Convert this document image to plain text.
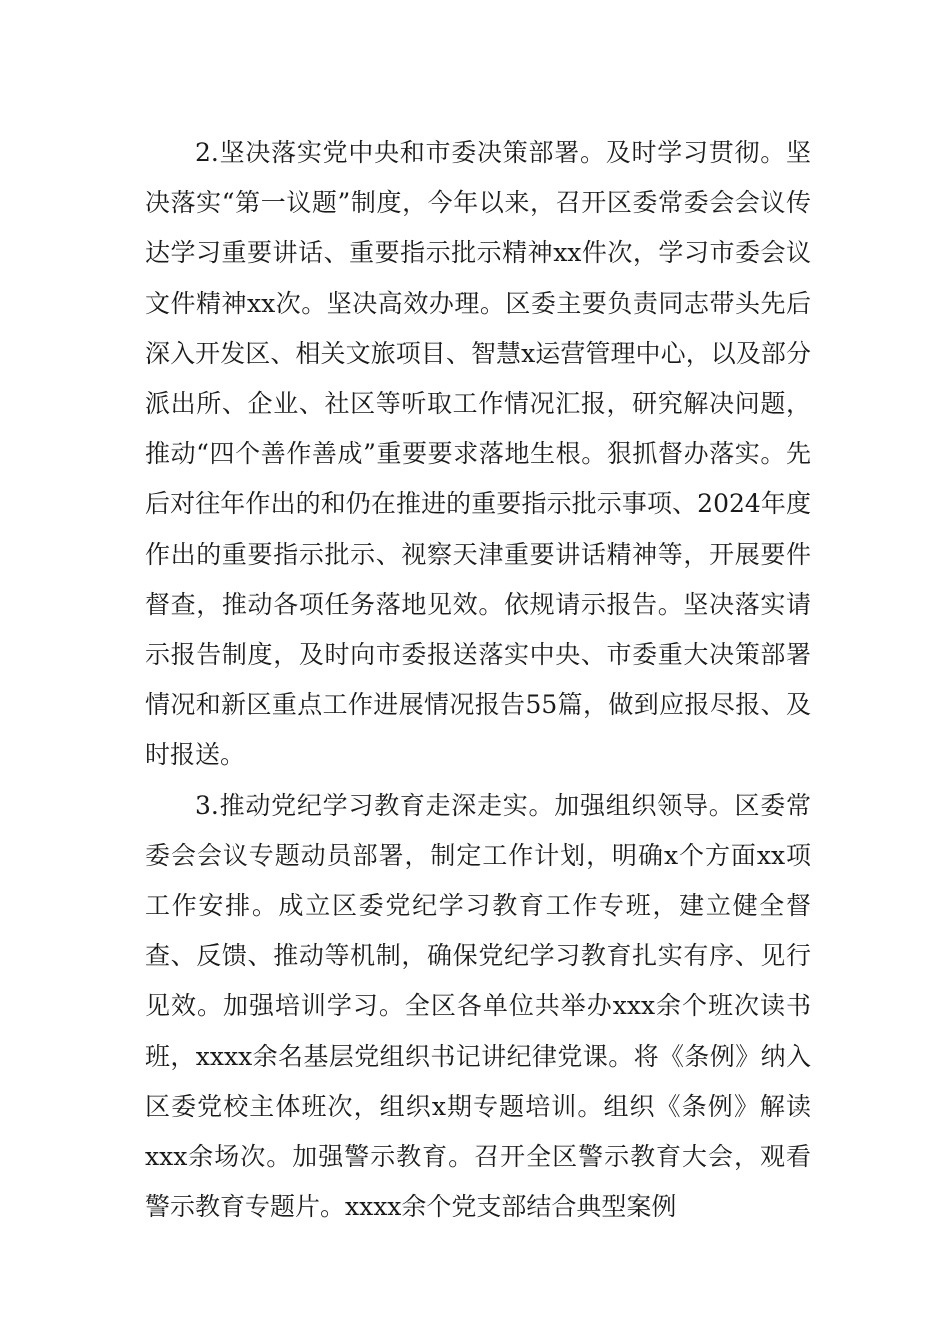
2.坚决落实党中央和市委决策部署。及时学习贯彻。坚决落实“第一议题”制度，今年以来，召开区委常委会会议传达学习重要讲话、重要指示批示精神xx件次，学习市委会议文件精神xx次。坚决高效办理。区委主要负责同志带头先后深入开发区、相关文旅项目、智慧x运营管理中心，以及部分派出所、企业、社区等听取工作情况汇报，研究解决问题，推动“四个善作善成”重要要求落地生根。狠抓督办落实。先后对往年作出的和仍在推进的重要指示批示事项、2024年度作出的重要指示批示、视察天津重要讲话精神等，开展要件督查，推动各项任务落地见效。依规请示报告。坚决落实请示报告制度，及时向市委报送落实中央、市委重大决策部署情况和新区重点工作进展情况报告55篇，做到应报尽报、及时报送。

3.推动党纪学习教育走深走实。加强组织领导。区委常委会会议专题动员部署，制定工作计划，明确x个方面xx项工作安排。成立区委党纪学习教育工作专班，建立健全督查、反馈、推动等机制，确保党纪学习教育扎实有序、见行见效。加强培训学习。全区各单位共举办xxx余个班次读书班，xxxx余名基层党组织书记讲纪律党课。将《条例》纳入区委党校主体班次，组织x期专题培训。组织《条例》解读xxx余场次。加强警示教育。召开全区警示教育大会，观看警示教育专题片。xxxx余个党支部结合典型案例
